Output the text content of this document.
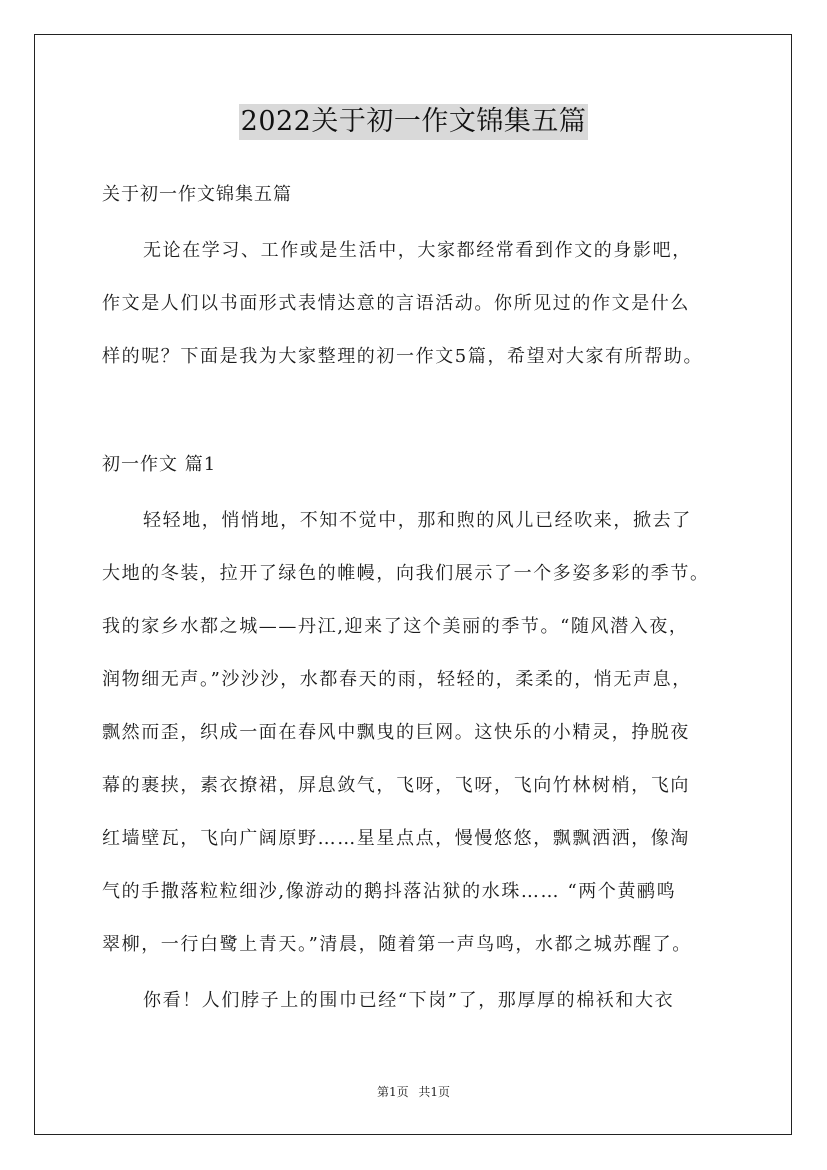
2022关于初一作文锦集五篇
关于初一作文锦集五篇
无论在学习、工作或是生活中，大家都经常看到作文的身影吧，
作文是人们以书面形式表情达意的言语活动。你所见过的作文是什么
样的呢？下面是我为大家整理的初一作文5篇，希望对大家有所帮助。
初一作文 篇1
轻轻地，悄悄地，不知不觉中，那和煦的风儿已经吹来，掀去了
大地的冬装，拉开了绿色的帷幔，向我们展示了一个多姿多彩的季节。
我的家乡水都之城——丹江,迎来了这个美丽的季节。“随风潜入夜，
润物细无声。”沙沙沙，水都春天的雨，轻轻的，柔柔的，悄无声息，
飘然而歪，织成一面在春风中飘曳的巨网。这快乐的小精灵，挣脱夜
幕的裹挟，素衣撩裙，屏息敛气，飞呀，飞呀，飞向竹林树梢，飞向
红墙壁瓦，飞向广阔原野……星星点点，慢慢悠悠，飘飘洒洒，像淘
气的手撒落粒粒细沙,像游动的鹅抖落沾狱的水珠…… “两个黄鹂鸣
翠柳，一行白鹭上青天。”清晨，随着第一声鸟鸣，水都之城苏醒了。
你看！人们脖子上的围巾已经“下岗”了，那厚厚的棉袄和大衣
第1页 共1页
